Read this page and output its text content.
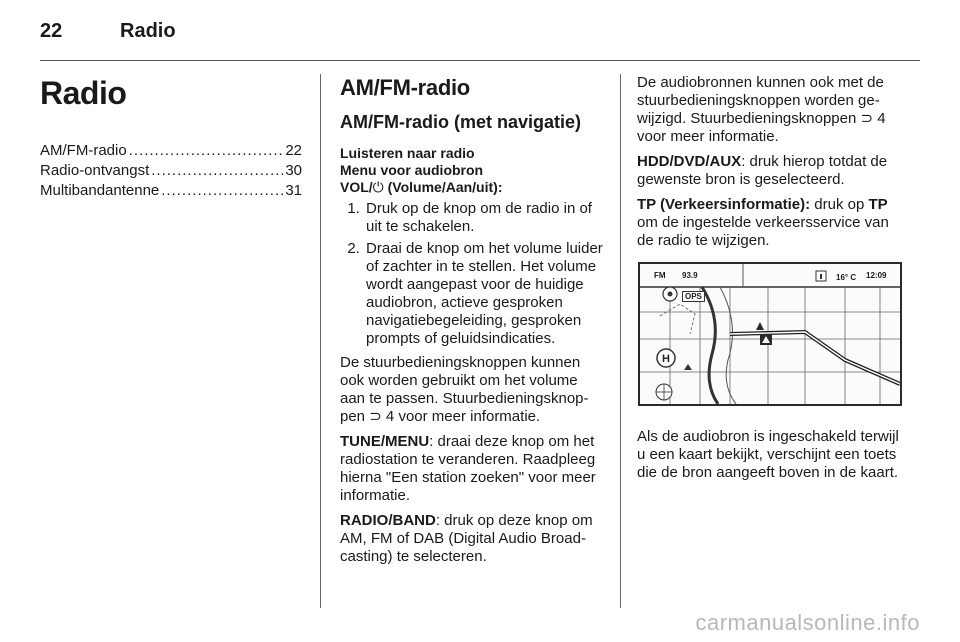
22	Radio
Radio
AM/FM-radio .....	22
Radio-ontvangst .....	30
Multibandantenne .....	31
AM/FM-radio
AM/FM-radio (met navigatie)
Luisteren naar radio
Menu voor audiobron
VOL/⏻ (Volume/Aan/uit):
1. Druk op de knop om de radio in of uit te schakelen.
2. Draai de knop om het volume luider of zachter in te stellen. Het volume wordt aangepast voor de huidige audiobron, actieve gesproken navigatiebegeleiding, gesproken prompts of geluidsindicaties.

De stuurbedieningsknoppen kunnen ook worden gebruikt om het volume aan te passen. Stuurbedieningsknoppen ⊃ 4 voor meer informatie.

TUNE/MENU: draai deze knop om het radiostation te veranderen. Raadpleeg hierna "Een station zoeken" voor meer informatie.

RADIO/BAND: druk op deze knop om AM, FM of DAB (Digital Audio Broadcasting) te selecteren.

De audiobronnen kunnen ook met de stuurbedieningsknoppen worden gewijzigd. Stuurbedieningsknoppen ⊃ 4 voor meer informatie.

HDD/DVD/AUX: druk hierop totdat de gewenste bron is geselecteerd.

TP (Verkeersinformatie): druk op TP om de ingestelde verkeersservice van de radio te wijzigen.

H
FM 93.9	16° C 12:09
OPS

Als de audiobron is ingeschakeld terwijl u een kaart bekijkt, verschijnt een toets die de bron aangeeft boven in de kaart.

carmanualsonline.info
